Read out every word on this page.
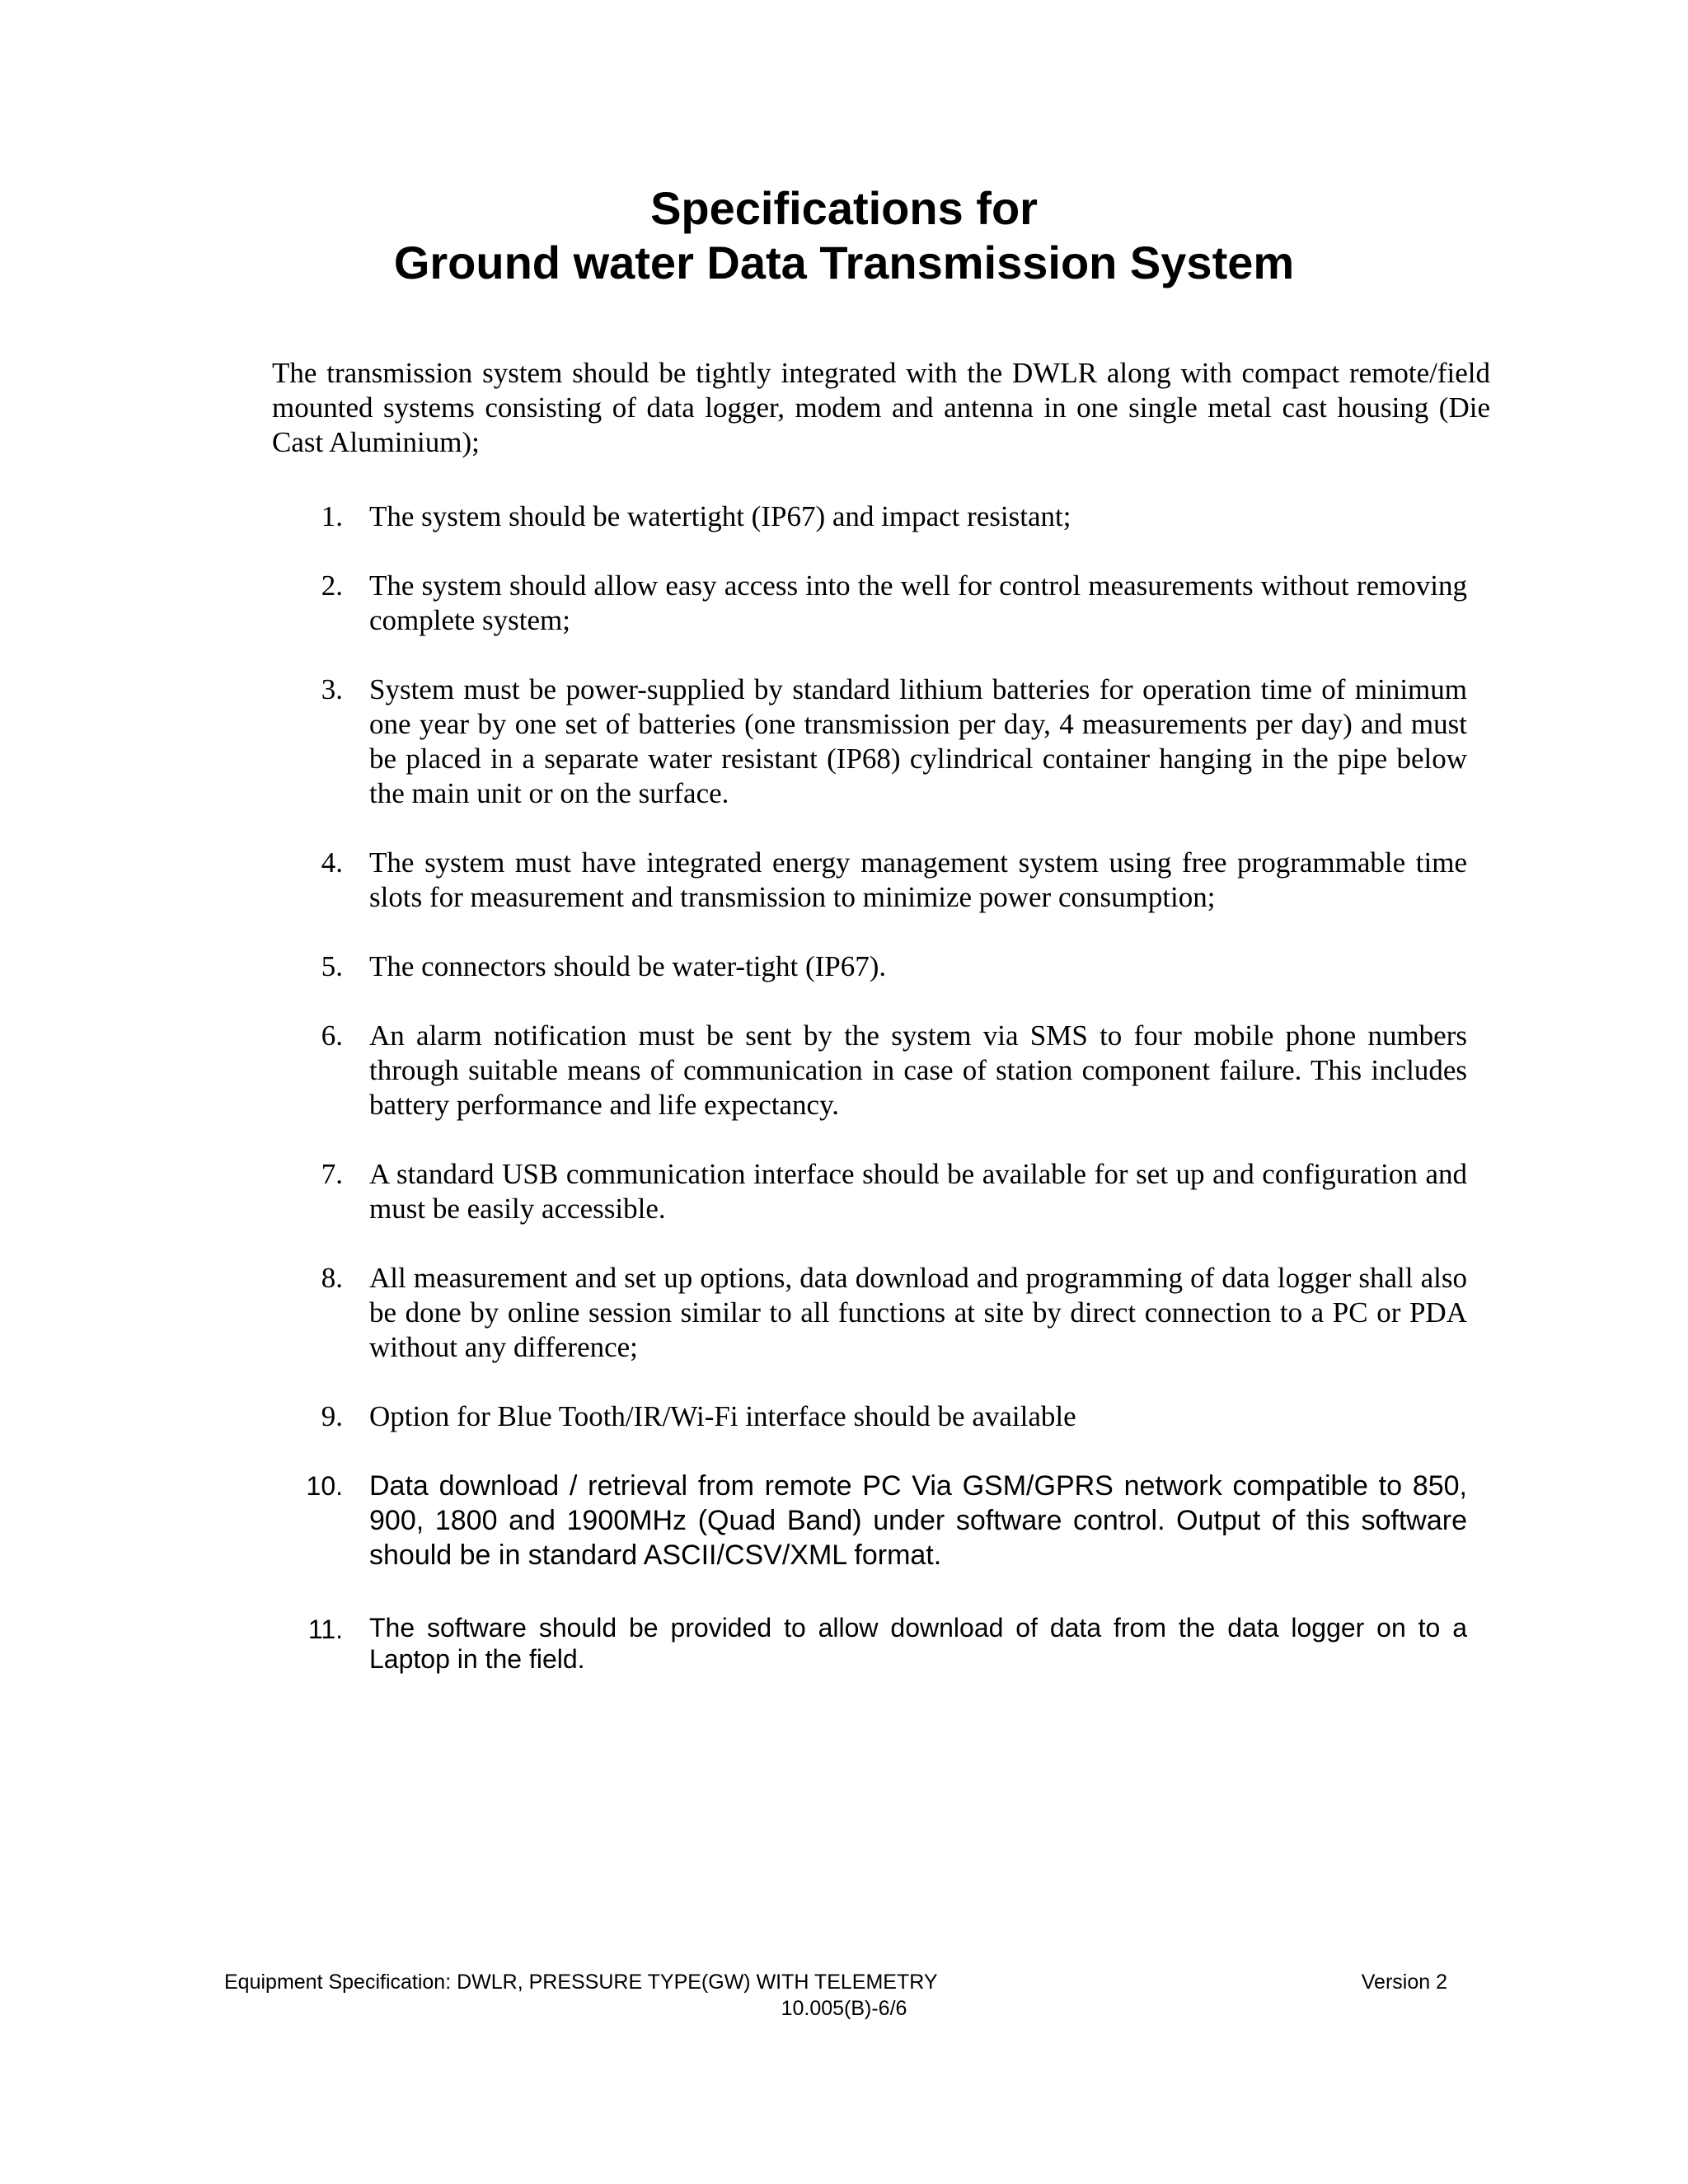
Specifications for
Ground water Data Transmission System

The transmission system should be tightly integrated with the DWLR along with compact remote/field mounted systems consisting of data logger, modem and antenna in one single metal cast housing (Die Cast Aluminium);

1. The system should be watertight (IP67) and impact resistant;

2. The system should allow easy access into the well for control measurements without removing complete system;

3. System must be power-supplied by standard lithium batteries for operation time of minimum one year by one set of batteries (one transmission per day, 4 measurements per day) and must be placed in a separate water resistant (IP68) cylindrical container hanging in the pipe below the main unit or on the surface.

4. The system must have integrated energy management system using free programmable time slots for measurement and transmission to minimize power consumption;

5. The connectors should be water-tight (IP67).

6. An alarm notification must be sent by the system via SMS to four mobile phone numbers through suitable means of communication in case of station component failure. This includes battery performance and life expectancy.

7. A standard USB communication interface should be available for set up and configuration and must be easily accessible.

8. All measurement and set up options, data download and programming of data logger shall also be done by online session similar to all functions at site by direct connection to a PC or PDA without any difference;

9. Option for Blue Tooth/IR/Wi-Fi interface should be available

10. Data download / retrieval from remote PC Via GSM/GPRS network compatible to 850, 900, 1800 and 1900MHz (Quad Band) under software control. Output of this software should be in standard ASCII/CSV/XML format.

11. The software should be provided to allow download of data from the data logger on to a Laptop in the field.

Equipment Specification: DWLR, PRESSURE TYPE(GW) WITH TELEMETRY	Version 2
10.005(B)-6/6
